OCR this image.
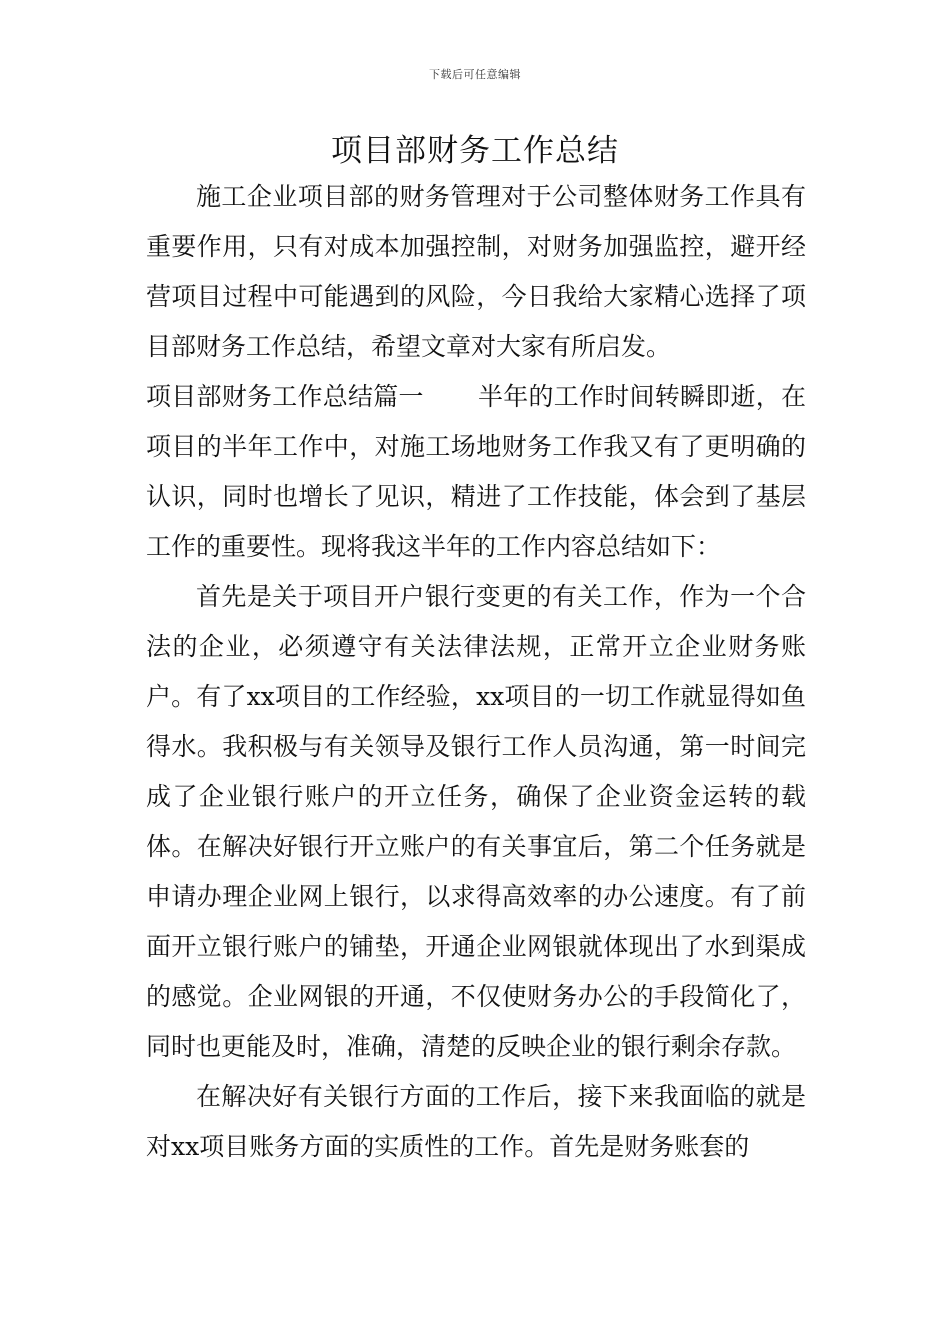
下载后可任意编辑
项目部财务工作总结

施工企业项目部的财务管理对于公司整体财务工作具有重要作用，只有对成本加强控制，对财务加强监控，避开经营项目过程中可能遇到的风险，今日我给大家精心选择了项目部财务工作总结，希望文章对大家有所启发。

项目部财务工作总结篇一 半年的工作时间转瞬即逝，在项目的半年工作中，对施工场地财务工作我又有了更明确的认识，同时也增长了见识，精进了工作技能，体会到了基层工作的重要性。现将我这半年的工作内容总结如下：

首先是关于项目开户银行变更的有关工作，作为一个合法的企业，必须遵守有关法律法规，正常开立企业财务账户。有了xx项目的工作经验，xx项目的一切工作就显得如鱼得水。我积极与有关领导及银行工作人员沟通，第一时间完成了企业银行账户的开立任务，确保了企业资金运转的载体。在解决好银行开立账户的有关事宜后，第二个任务就是申请办理企业网上银行，以求得高效率的办公速度。有了前面开立银行账户的铺垫，开通企业网银就体现出了水到渠成的感觉。企业网银的开通，不仅使财务办公的手段简化了，同时也更能及时，准确，清楚的反映企业的银行剩余存款。

在解决好有关银行方面的工作后，接下来我面临的就是对xx项目账务方面的实质性的工作。首先是财务账套的
